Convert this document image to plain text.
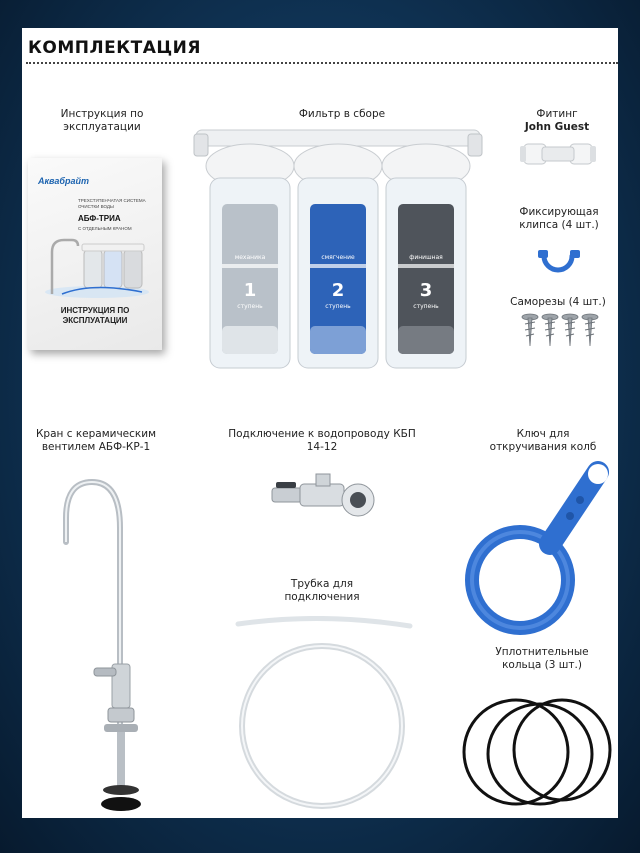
КОМПЛЕКТАЦИЯ
Инструкция по эксплуатации
Аквабрайт
ТРЕХСТУПЕНЧАТАЯ СИСТЕМА ОЧИСТКИ ВОДЫ
АБФ-ТРИА
С ОТДЕЛЬНЫМ КРАНОМ
ИНСТРУКЦИЯ ПО ЭКСПЛУАТАЦИИ
Фильтр в сборе
механика	смягчение	финишная
1	2	3
ступень	ступень	ступень
Фитинг
John Guest
Фиксирующая клипса (4 шт.)
Саморезы (4 шт.)
Кран с керамическим вентилем АБФ-КР-1
Подключение к водопроводу КБП 14-12
Ключ для откручивания колб
Трубка для подключения
Уплотнительные кольца (3 шт.)
